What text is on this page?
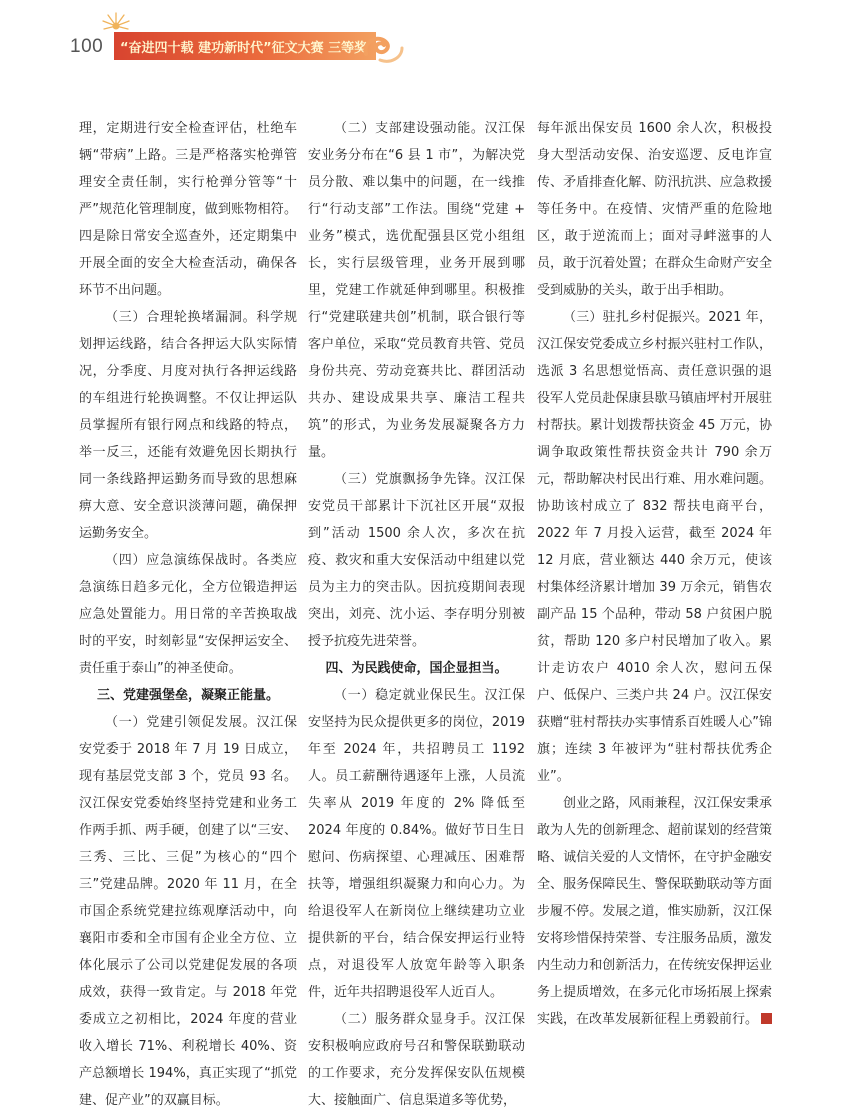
100 “奋进四十载 建功新时代”征文大赛 三等奖

理，定期进行安全检查评估，杜绝车辆“带病”上路。三是严格落实枪弹管理安全责任制，实行枪弹分管等“十严”规范化管理制度，做到账物相符。四是除日常安全巡查外，还定期集中开展全面的安全大检查活动，确保各环节不出问题。

（三）合理轮换堵漏洞。科学规划押运线路，结合各押运大队实际情况，分季度、月度对执行各押运线路的车组进行轮换调整。不仅让押运队员掌握所有银行网点和线路的特点，举一反三，还能有效避免因长期执行同一条线路押运勤务而导致的思想麻痹大意、安全意识淡薄问题，确保押运勤务安全。

（四）应急演练保战时。各类应急演练日趋多元化，全方位锻造押运应急处置能力。用日常的辛苦换取战时的平安，时刻彰显“安保押运安全、责任重于泰山”的神圣使命。

三、党建强堡垒，凝聚正能量。

（一）党建引领促发展。汉江保安党委于 2018 年 7 月 19 日成立，现有基层党支部 3 个，党员 93 名。汉江保安党委始终坚持党建和业务工作两手抓、两手硬，创建了以“三安、三秀、三比、三促”为核心的“四个三”党建品牌。2020 年 11 月，在全市国企系统党建拉练观摩活动中，向襄阳市委和全市国有企业全方位、立体化展示了公司以党建促发展的各项成效，获得一致肯定。与 2018 年党委成立之初相比，2024 年度的营业收入增长 71%、利税增长 40%、资产总额增长 194%，真正实现了“抓党建、促产业”的双赢目标。

（二）支部建设强动能。汉江保安业务分布在“6 县 1 市”，为解决党员分散、难以集中的问题，在一线推行“行动支部”工作法。围绕“党建 + 业务”模式，选优配强县区党小组组长，实行层级管理，业务开展到哪里，党建工作就延伸到哪里。积极推行“党建联建共创”机制，联合银行等客户单位，采取“党员教育共管、党员身份共亮、劳动竞赛共比、群团活动共办、建设成果共享、廉洁工程共筑”的形式，为业务发展凝聚各方力量。

（三）党旗飘扬争先锋。汉江保安党员干部累计下沉社区开展“双报到”活动 1500 余人次，多次在抗疫、救灾和重大安保活动中组建以党员为主力的突击队。因抗疫期间表现突出，刘亮、沈小运、李存明分别被授予抗疫先进荣誉。

四、为民践使命，国企显担当。

（一）稳定就业保民生。汉江保安坚持为民众提供更多的岗位，2019 年至 2024 年，共招聘员工 1192 人。员工薪酬待遇逐年上涨，人员流失率从 2019 年度的 2% 降低至 2024 年度的 0.84%。做好节日生日慰问、伤病探望、心理减压、困难帮扶等，增强组织凝聚力和向心力。为给退役军人在新岗位上继续建功立业提供新的平台，结合保安押运行业特点，对退役军人放宽年龄等入职条件，近年共招聘退役军人近百人。

（二）服务群众显身手。汉江保安积极响应政府号召和警保联勤联动的工作要求，充分发挥保安队伍规模大、接触面广、信息渠道多等优势，

每年派出保安员 1600 余人次，积极投身大型活动安保、治安巡逻、反电诈宣传、矛盾排查化解、防汛抗洪、应急救援等任务中。在疫情、灾情严重的危险地区，敢于逆流而上；面对寻衅滋事的人员，敢于沉着处置；在群众生命财产安全受到威胁的关头，敢于出手相助。

（三）驻扎乡村促振兴。2021 年，汉江保安党委成立乡村振兴驻村工作队，选派 3 名思想觉悟高、责任意识强的退役军人党员赴保康县歇马镇庙坪村开展驻村帮扶。累计划拨帮扶资金 45 万元，协调争取政策性帮扶资金共计 790 余万元，帮助解决村民出行难、用水难问题。协助该村成立了 832 帮扶电商平台，2022 年 7 月投入运营，截至 2024 年 12 月底，营业额达 440 余万元，使该村集体经济累计增加 39 万余元，销售农副产品 15 个品种，带动 58 户贫困户脱贫，帮助 120 多户村民增加了收入。累计走访农户 4010 余人次，慰问五保户、低保户、三类户共 24 户。汉江保安获赠“驻村帮扶办实事情系百姓暖人心”锦旗；连续 3 年被评为“驻村帮扶优秀企业”。

创业之路，风雨兼程，汉江保安秉承敢为人先的创新理念、超前谋划的经营策略、诚信关爱的人文情怀，在守护金融安全、服务保障民生、警保联勤联动等方面步履不停。发展之道，惟实励新，汉江保安将珍惜保持荣誉、专注服务品质，激发内生动力和创新活力，在传统安保押运业务上提质增效，在多元化市场拓展上探索实践，在改革发展新征程上勇毅前行。
